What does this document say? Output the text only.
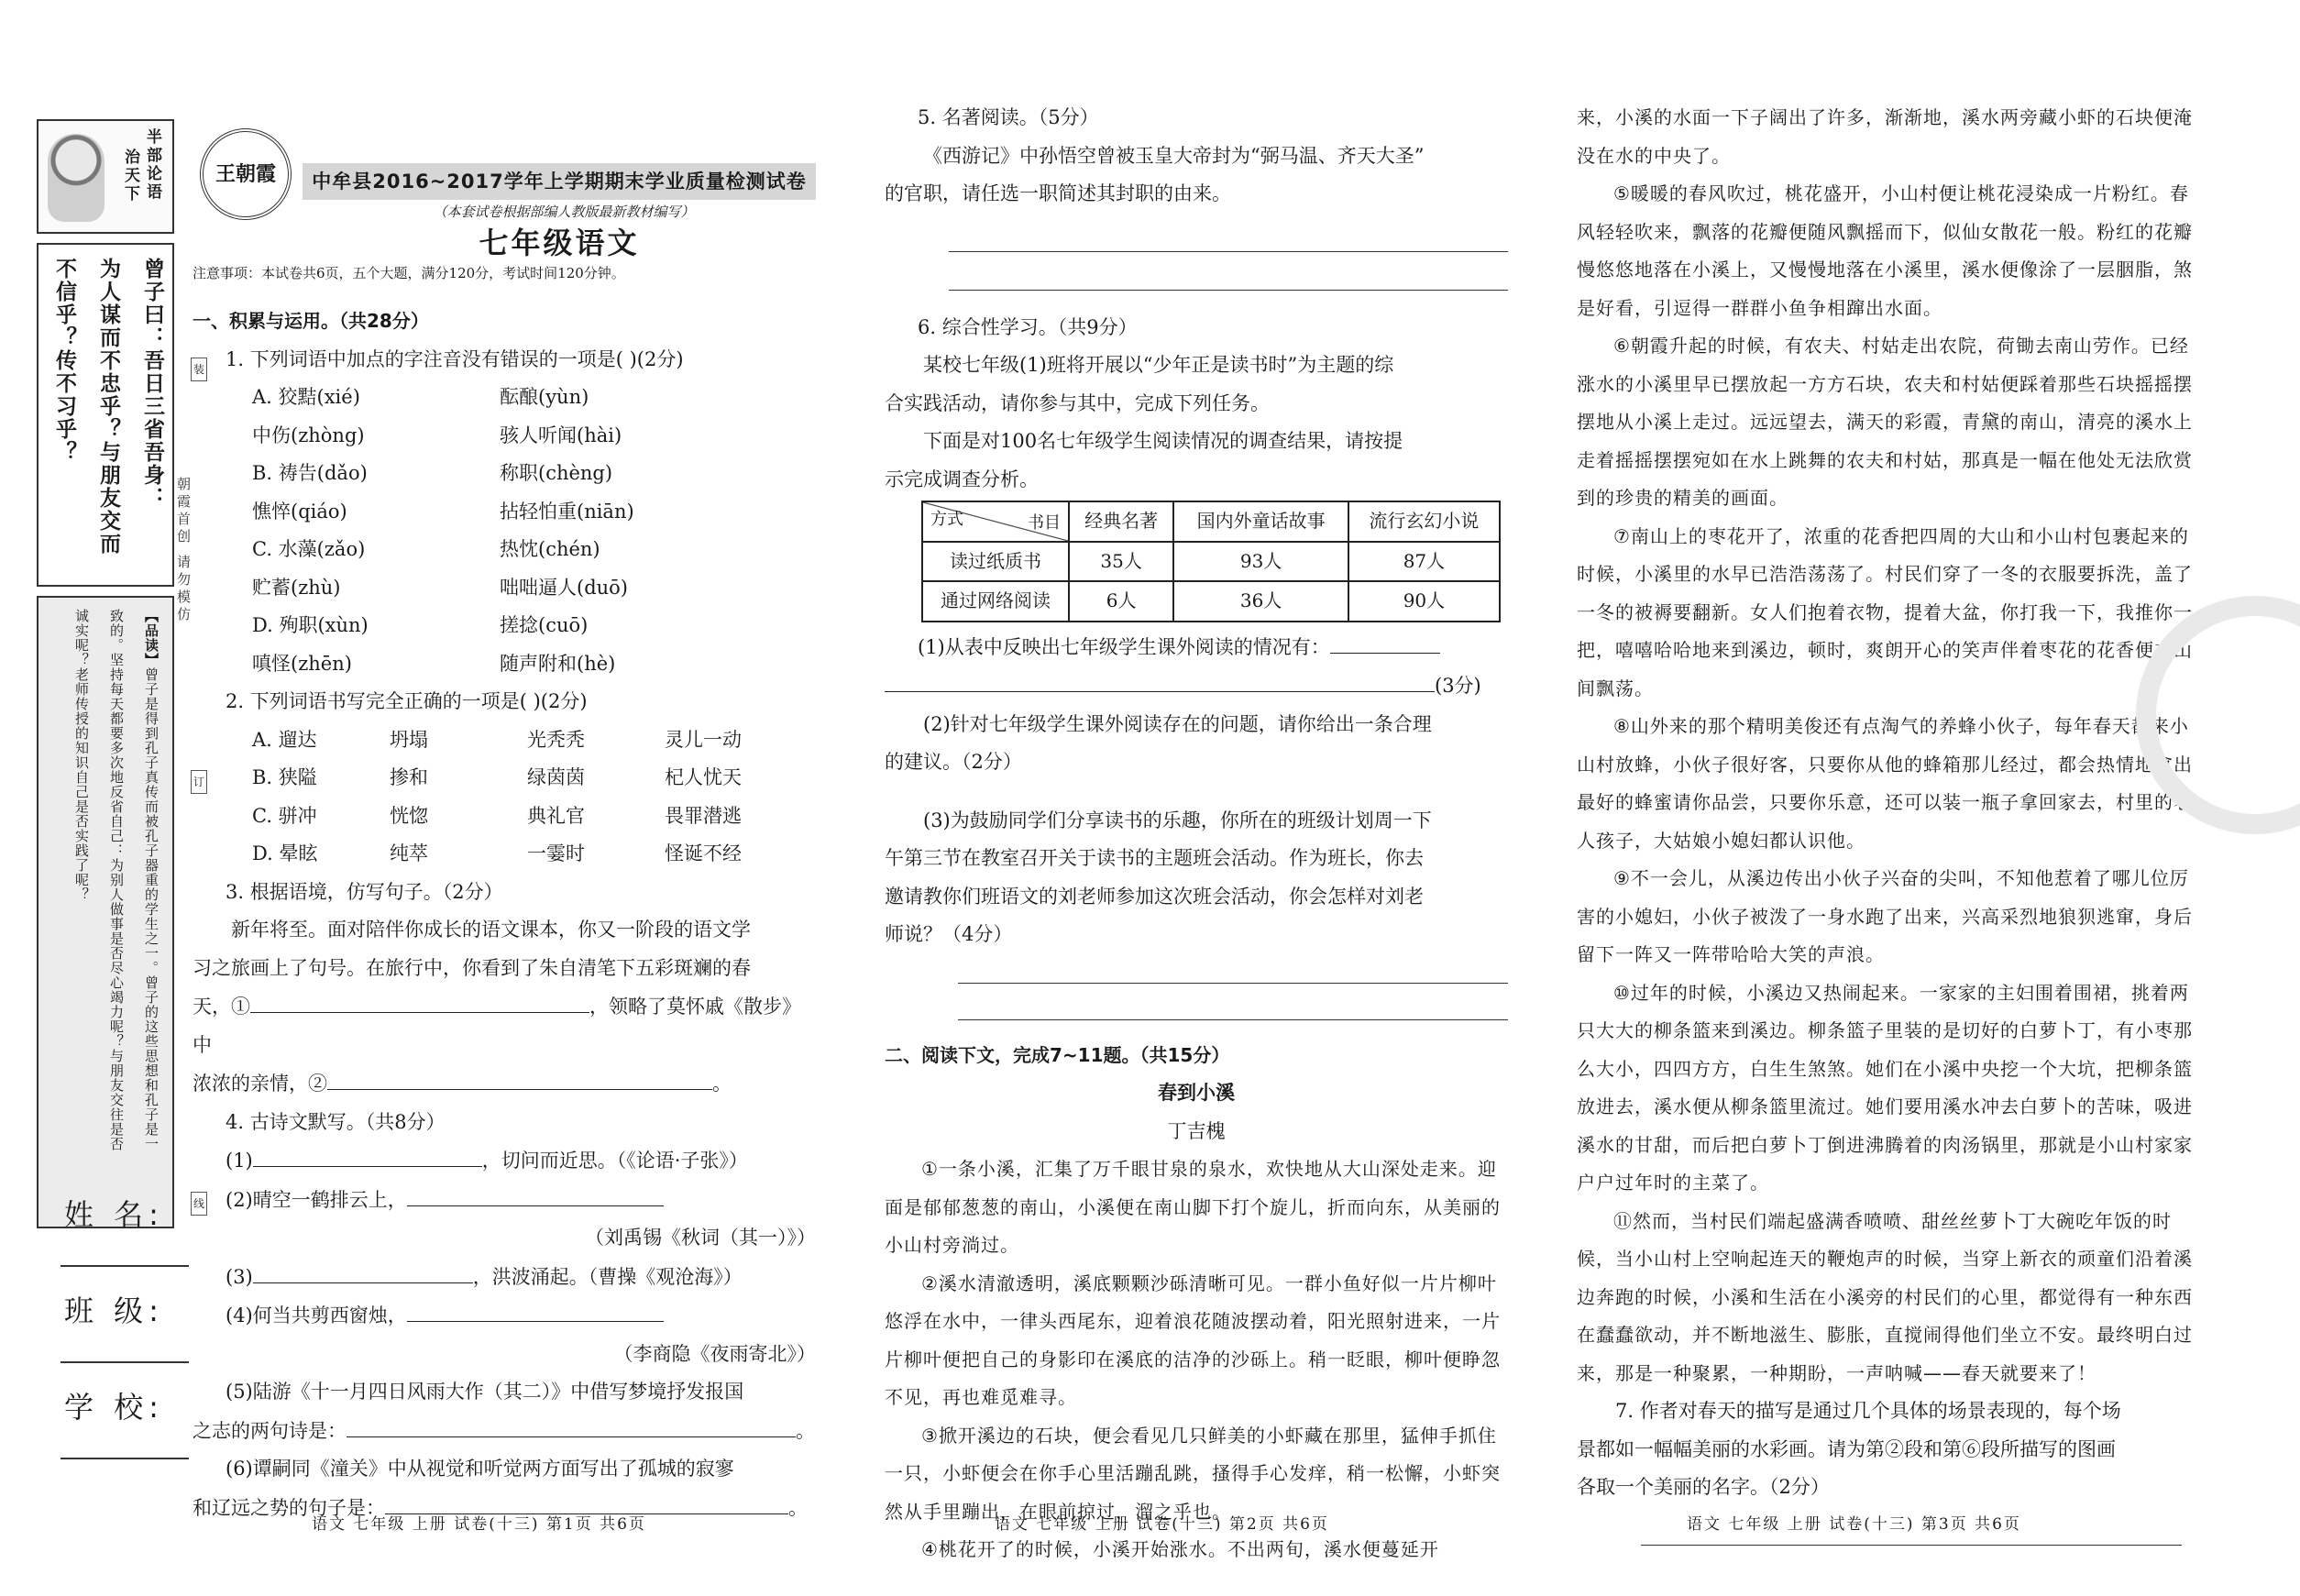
半部论语
治天下
曾子曰：吾日三省吾身：
为人谋而不忠乎？与朋友交而
不信乎？传不习乎？
【品读】曾子是得到孔子真传而被孔子器重的学生之一。曾子的这些思想和孔子是一
致的。坚持每天都要多次地反省自己：为别人做事是否尽心竭力呢？与朋友交往是否
诚实呢？老师传授的知识自己是否实践了呢？
朝霞首创 请勿模仿
装
订
线
姓 名:
班 级:
学 校:
王朝霞	中牟县2016~2017学年上学期期末学业质量检测试卷
（本套试卷根据部编人教版最新教材编写）
七年级语文
注意事项：本试卷共6页，五个大题，满分120分，考试时间120分钟。

一、积累与运用。（共28分）

1. 下列词语中加点的字注音没有错误的一项是( )(2分)

A. 狡黠(xié)	酝酿(yùn)
中伤(zhòng)	骇人听闻(hài)
B. 祷告(dǎo)	称职(chèng)
憔悴(qiáo)	拈轻怕重(niān)
C. 水藻(zǎo)	热忱(chén)
贮蓄(zhù)	咄咄逼人(duō)
D. 殉职(xùn)	搓捻(cuō)
嗔怪(zhēn)	随声附和(hè)

2. 下列词语书写完全正确的一项是( )(2分)

A. 遛达	坍塌	光秃秃	灵儿一动
B. 狭隘	掺和	绿茵茵	杞人忧天
C. 骈冲	恍惚	典礼官	畏罪潜逃
D. 晕眩	纯萃	一霎时	怪诞不经

3. 根据语境，仿写句子。（2分）

新年将至。面对陪伴你成长的语文课本，你又一阶段的语文学

习之旅画上了句号。在旅行中，你看到了朱自清笔下五彩斑斓的春

天，①	，领略了莫怀戚《散步》中

浓浓的亲情，②	。

4. 古诗文默写。（共8分）

(1)	，切问而近思。（《论语·子张》）

(2)晴空一鹤排云上，

（刘禹锡《秋词（其一）》）

(3)	，洪波涌起。（曹操《观沧海》）

(4)何当共剪西窗烛，

（李商隐《夜雨寄北》）

(5)陆游《十一月四日风雨大作（其二）》中借写梦境抒发报国

之志的两句诗是：	。

(6)谭嗣同《潼关》中从视觉和听觉两方面写出了孤城的寂寥

和辽远之势的句子是：	。

5. 名著阅读。（5分）

《西游记》中孙悟空曾被玉皇大帝封为“弼马温、齐天大圣”

的官职，请任选一职简述其封职的由来。

6. 综合性学习。（共9分）

某校七年级(1)班将开展以“少年正是读书时”为主题的综

合实践活动，请你参与其中，完成下列任务。

下面是对100名七年级学生阅读情况的调查结果，请按提

示完成调查分析。

书目
方式	经典名著	国内外童话故事	流行玄幻小说
读过纸质书	35人	93人	87人
通过网络阅读	6人	36人	90人

(1)从表中反映出七年级学生课外阅读的情况有：

(3分)

(2)针对七年级学生课外阅读存在的问题，请你给出一条合理

的建议。（2分）

(3)为鼓励同学们分享读书的乐趣，你所在的班级计划周一下

午第三节在教室召开关于读书的主题班会活动。作为班长，你去

邀请教你们班语文的刘老师参加这次班会活动，你会怎样对刘老

师说？（4分）

二、阅读下文，完成7~11题。（共15分）

春到小溪

丁吉槐

①一条小溪，汇集了万千眼甘泉的泉水，欢快地从大山深处走来。迎面是郁郁葱葱的南山，小溪便在南山脚下打个旋儿，折而向东，从美丽的小山村旁淌过。

②溪水清澈透明，溪底颗颗沙砾清晰可见。一群小鱼好似一片片柳叶悠浮在水中，一律头西尾东，迎着浪花随波摆动着，阳光照射进来，一片片柳叶便把自己的身影印在溪底的洁净的沙砾上。稍一眨眼，柳叶便睁忽不见，再也难觅难寻。

③掀开溪边的石块，便会看见几只鲜美的小虾藏在那里，猛伸手抓住一只，小虾便会在你手心里活蹦乱跳，搔得手心发痒，稍一松懈，小虾突然从手里蹦出，在眼前掠过，溜之乎也。

④桃花开了的时候，小溪开始涨水。不出两旬，溪水便蔓延开

来，小溪的水面一下子阔出了许多，渐渐地，溪水两旁藏小虾的石块便淹没在水的中央了。

⑤暖暖的春风吹过，桃花盛开，小山村便让桃花浸染成一片粉红。春风轻轻吹来，飘落的花瓣便随风飘摇而下，似仙女散花一般。粉红的花瓣慢悠悠地落在小溪上，又慢慢地落在小溪里，溪水便像涂了一层胭脂，煞是好看，引逗得一群群小鱼争相蹿出水面。

⑥朝霞升起的时候，有农夫、村姑走出农院，荷锄去南山劳作。已经涨水的小溪里早已摆放起一方方石块，农夫和村姑便踩着那些石块摇摇摆摆地从小溪上走过。远远望去，满天的彩霞，青黛的南山，清亮的溪水上走着摇摇摆摆宛如在水上跳舞的农夫和村姑，那真是一幅在他处无法欣赏到的珍贵的精美的画面。

⑦南山上的枣花开了，浓重的花香把四周的大山和小山村包裹起来的时候，小溪里的水早已浩浩荡荡了。村民们穿了一冬的衣服要拆洗，盖了一冬的被褥要翻新。女人们抱着衣物，提着大盆，你打我一下，我推你一把，嘻嘻哈哈地来到溪边，顿时，爽朗开心的笑声伴着枣花的花香便在山间飘荡。

⑧山外来的那个精明美俊还有点淘气的养蜂小伙子，每年春天都来小山村放蜂，小伙子很好客，只要你从他的蜂箱那儿经过，都会热情地拿出最好的蜂蜜请你品尝，只要你乐意，还可以装一瓶子拿回家去，村里的老人孩子，大姑娘小媳妇都认识他。

⑨不一会儿，从溪边传出小伙子兴奋的尖叫，不知他惹着了哪儿位厉害的小媳妇，小伙子被泼了一身水跑了出来，兴高采烈地狼狈逃窜，身后留下一阵又一阵带哈哈大笑的声浪。

⑩过年的时候，小溪边又热闹起来。一家家的主妇围着围裙，挑着两只大大的柳条篮来到溪边。柳条篮子里装的是切好的白萝卜丁，有小枣那么大小，四四方方，白生生煞煞。她们在小溪中央挖一个大坑，把柳条篮放进去，溪水便从柳条篮里流过。她们要用溪水冲去白萝卜的苦味，吸进溪水的甘甜，而后把白萝卜丁倒进沸腾着的肉汤锅里，那就是小山村家家户户过年时的主菜了。

⑪然而，当村民们端起盛满香喷喷、甜丝丝萝卜丁大碗吃年饭的时候，当小山村上空响起连天的鞭炮声的时候，当穿上新衣的顽童们沿着溪边奔跑的时候，小溪和生活在小溪旁的村民们的心里，都觉得有一种东西在蠢蠢欲动，并不断地滋生、膨胀，直搅闹得他们坐立不安。最终明白过来，那是一种聚累，一种期盼，一声呐喊——春天就要来了！

7. 作者对春天的描写是通过几个具体的场景表现的，每个场

景都如一幅幅美丽的水彩画。请为第②段和第⑥段所描写的图画

各取一个美丽的名字。（2分）

语文 七年级 上册 试卷(十三) 第1页 共6页	语文 七年级 上册 试卷(十三) 第2页 共6页	语文 七年级 上册 试卷(十三) 第3页 共6页
